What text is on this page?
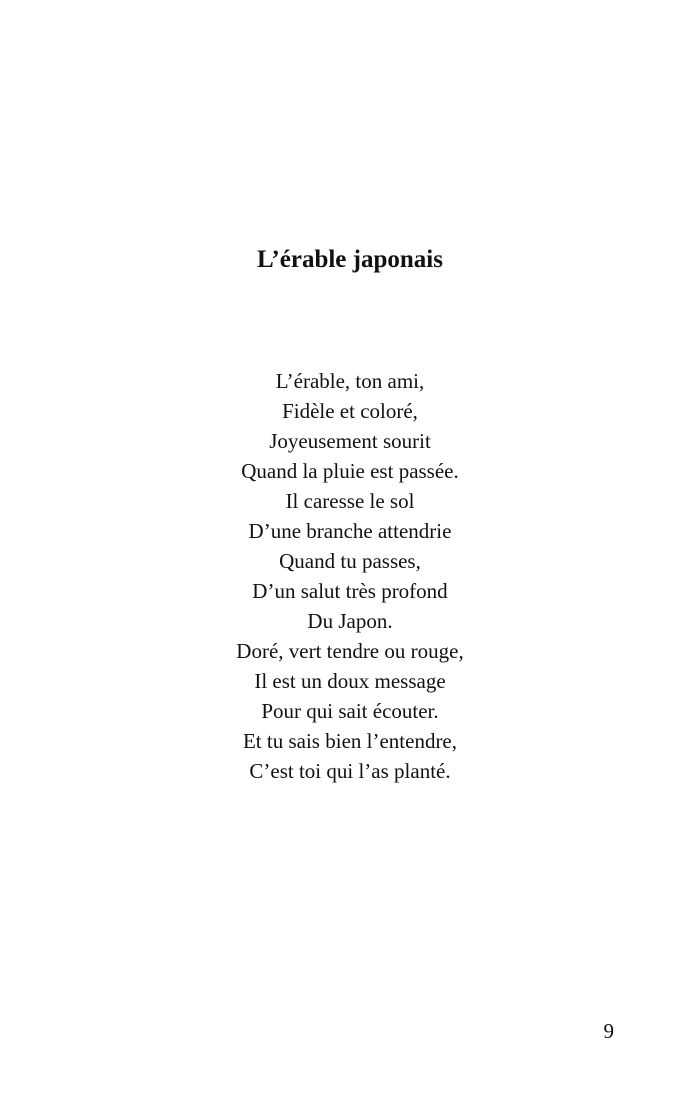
L’érable japonais
L’érable, ton ami,
Fidèle et coloré,
Joyeusement sourit
Quand la pluie est passée.
Il caresse le sol
D’une branche attendrie
Quand tu passes,
D’un salut très profond
Du Japon.
Doré, vert tendre ou rouge,
Il est un doux message
Pour qui sait écouter.
Et tu sais bien l’entendre,
C’est toi qui l’as planté.
9
